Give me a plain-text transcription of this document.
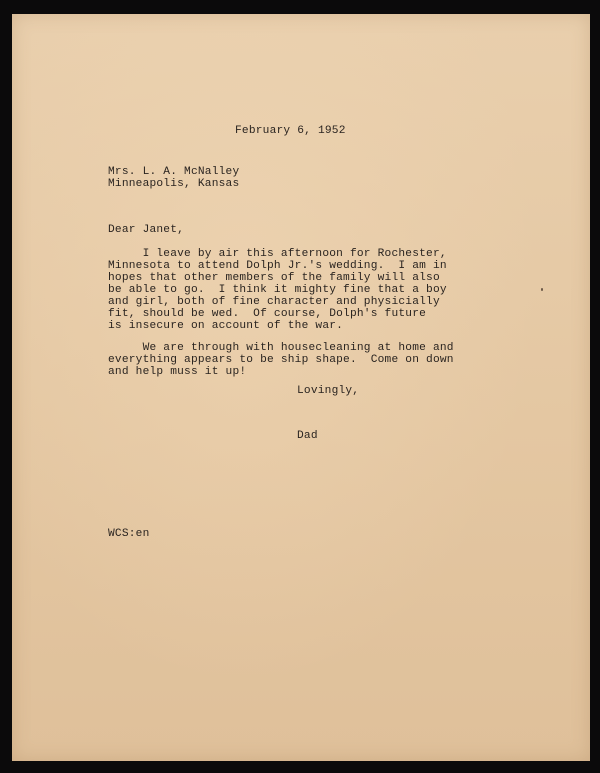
February 6, 1952

Mrs. L. A. McNalley
Minneapolis, Kansas

Dear Janet,

I leave by air this afternoon for Rochester,
Minnesota to attend Dolph Jr.'s wedding.  I am in
hopes that other members of the family will also
be able to go.  I think it mighty fine that a boy
and girl, both of fine character and physicially
fit, should be wed.  Of course, Dolph's future
is insecure on account of the war.
We are through with housecleaning at home and
everything appears to be ship shape.  Come on down
and help muss it up!

Lovingly,

Dad

WCS:en
